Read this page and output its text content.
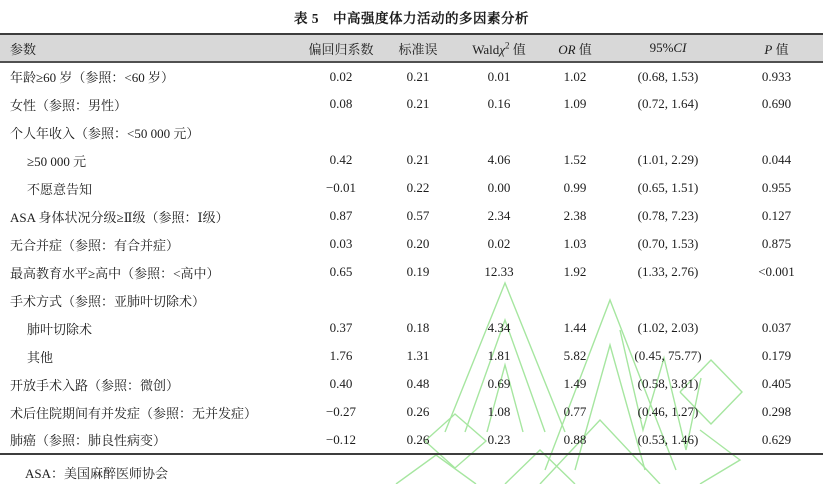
表 5　中高强度体力活动的多因素分析
参数	偏回归系数	标准误	Waldχ$^2$ 值	OR 值	95%CI	P 值
年龄≥60 岁（参照：<60 岁）	0.02	0.21	0.01	1.02	(0.68, 1.53)	0.933
女性（参照：男性）	0.08	0.21	0.16	1.09	(0.72, 1.64)	0.690
个人年收入（参照：<50 000 元）						
≥50 000 元	0.42	0.21	4.06	1.52	(1.01, 2.29)	0.044
不愿意告知	−0.01	0.22	0.00	0.99	(0.65, 1.51)	0.955
ASA 身体状况分级≥Ⅱ级（参照：Ⅰ级）	0.87	0.57	2.34	2.38	(0.78, 7.23)	0.127
无合并症（参照：有合并症）	0.03	0.20	0.02	1.03	(0.70, 1.53)	0.875
最高教育水平≥高中（参照：<高中）	0.65	0.19	12.33	1.92	(1.33, 2.76)	<0.001
手术方式（参照：亚肺叶切除术）						
肺叶切除术	0.37	0.18	4.34	1.44	(1.02, 2.03)	0.037
其他	1.76	1.31	1.81	5.82	(0.45, 75.77)	0.179
开放手术入路（参照：微创）	0.40	0.48	0.69	1.49	(0.58, 3.81)	0.405
术后住院期间有并发症（参照：无并发症）	−0.27	0.26	1.08	0.77	(0.46, 1.27)	0.298
肺癌（参照：肺良性病变）	−0.12	0.26	0.23	0.88	(0.53, 1.46)	0.629
ASA：美国麻醉医师协会
